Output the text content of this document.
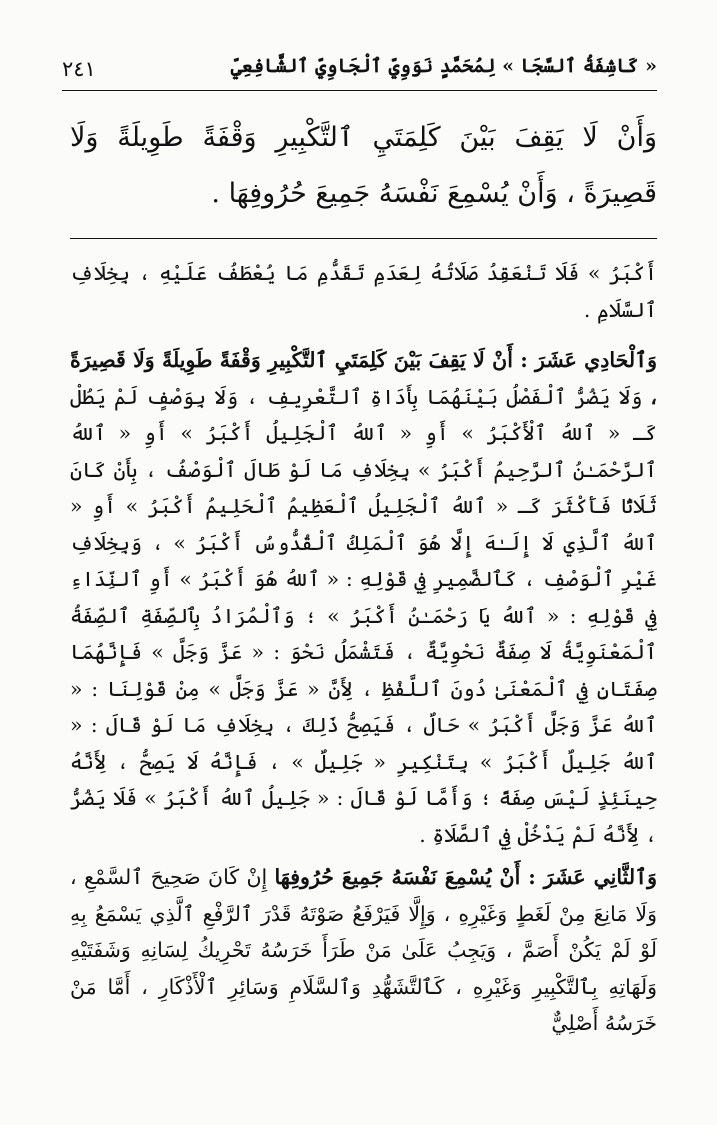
« كَاشِفَةُ ٱلسَّجَا » لِمُحَمَّدٍ نَوَوِيِّ ٱلْجَاوِيِّ ٱلشَّافِعِيِّ
٢٤١
وَأَنْ لَا يَقِفَ بَيْنَ كَلِمَتَيِ ٱلتَّكْبِيرِ وَقْفَةً طَوِيلَةً وَلَا قَصِيرَةً ، وَأَنْ يُسْمِعَ نَفْسَهُ جَمِيعَ حُرُوفِهَا .

أَكْبَرُ » فَلَا تَنْعَقِدُ صَلَاتُهُ لِعَدَمِ تَقَدُّمِ مَا يُعْطَفُ عَلَيْهِ ، بِخِلَافِ ٱلسَّلَامِ .

وَٱلْحَادِي عَشَرَ : أَنْ لَا يَقِفَ بَيْنَ كَلِمَتَيِ ٱلتَّكْبِيرِ وَقْفَةً طَوِيلَةً وَلَا قَصِيرَةً ، وَلَا يَضُرُّ ٱلْفَصْلُ بَيْنَهُمَا بِأَدَاةِ ٱلتَّعْرِيفِ ، وَلَا بِوَصْفٍ لَمْ يَطُلْ كَـ « ٱللهُ ٱلْأَكْبَرُ » أَوِ « ٱللهُ ٱلْجَلِيلُ أَكْبَرُ » أَوِ « ٱللهُ ٱلرَّحْمَـٰنُ ٱلرَّحِيمُ أَكْبَرُ » بِخِلَافِ مَا لَوْ طَالَ ٱلْوَصْفُ ، بِأَنْ كَانَ ثَلَاثًا فَأَكْثَرَ كَـ « ٱللهُ ٱلْجَلِيلُ ٱلْعَظِيمُ ٱلْحَلِيمُ أَكْبَرُ » أَوِ « ٱللهُ ٱلَّذِي لَا إِلَـٰهَ إِلَّا هُوَ ٱلْمَلِكُ ٱلْقُدُّوسُ أَكْبَرُ » ، وَبِخِلَافِ غَيْرِ ٱلْوَصْفِ ، كَٱلضَّمِيرِ فِي قَوْلِهِ : « ٱللهُ هُوَ أَكْبَرُ » أَوِ ٱلنِّدَاءِ فِي قَوْلِهِ : « ٱللهُ يَا رَحْمَـٰنُ أَكْبَرُ » ؛ وَٱلْمُرَادُ بِٱلصِّفَةِ ٱلصِّفَةُ ٱلْمَعْنَوِيَّةُ لَا صِفَةٌ نَحْوِيَّةٌ ، فَتَشْمَلُ نَحْوَ : « عَزَّ وَجَلَّ » فَإِنَّهُمَا صِفَتَانِ فِي ٱلْمَعْنَىٰ دُونَ ٱللَّفْظِ ، لِأَنَّ « عَزَّ وَجَلَّ » مِنْ قَوْلِنَا : « ٱللهُ عَزَّ وَجَلَّ أَكْبَرُ » حَالٌ ، فَيَصِحُّ ذَلِكَ ، بِخِلَافِ مَا لَوْ قَالَ : « ٱللهُ جَلِيلٌ أَكْبَرُ » بِتَنْكِيرِ « جَلِيلٌ » ، فَإِنَّهُ لَا يَصِحُّ ، لِأَنَّهُ حِينَئِذٍ لَيْسَ صِفَةً ؛ وَأَمَّا لَوْ قَالَ : « جَلِيلُ ٱللهُ أَكْبَرُ » فَلَا يَضُرُّ ، لِأَنَّهُ لَمْ يَدْخُلْ فِي ٱلصَّلَاةِ .

وَٱلثَّانِي عَشَرَ : أَنْ يُسْمِعَ نَفْسَهُ جَمِيعَ حُرُوفِهَا إِنْ كَانَ صَحِيحَ ٱلسَّمْعِ ، وَلَا مَانِعَ مِنْ لَغَطٍ وَغَيْرِهِ ، وَإِلَّا فَيَرْفَعُ صَوْتَهُ قَدْرَ ٱلرَّفْعِ ٱلَّذِي يَسْمَعُ بِهِ لَوْ لَمْ يَكُنْ أَصَمَّ ، وَيَجِبُ عَلَىٰ مَنْ طَرَأَ خَرَسُهُ تَحْرِيكُ لِسَانِهِ وَشَفَتَيْهِ وَلَهَاتِهِ بِٱلتَّكْبِيرِ وَغَيْرِهِ ، كَٱلتَّشَهُّدِ وَٱلسَّلَامِ وَسَائِرِ ٱلْأَذْكَارِ ، أَمَّا مَنْ خَرَسُهُ أَصْلِيٌّ
